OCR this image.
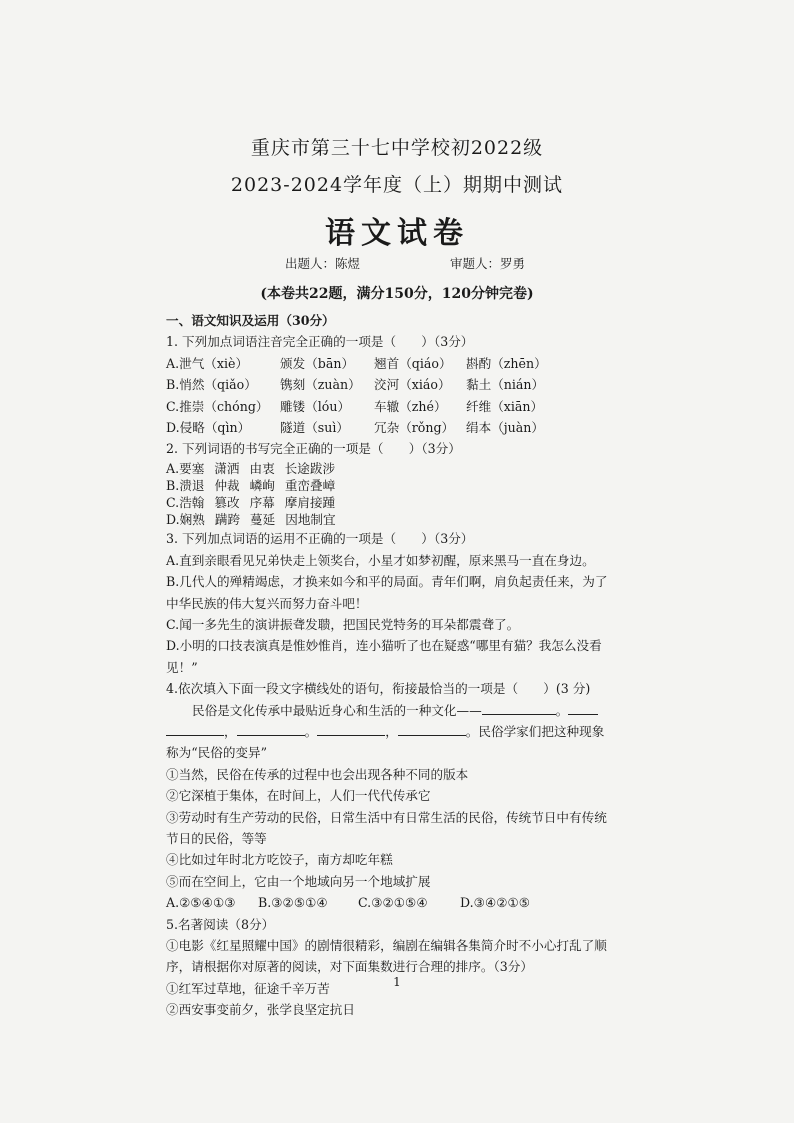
重庆市第三十七中学校初2022级
2023-2024学年度（上）期期中测试
语文试卷
出题人：陈煜	审题人：罗勇
(本卷共22题，满分150分，120分钟完卷)
一、语文知识及运用（30分）
1. 下列加点词语注音完全正确的一项是（　　）（3分）
A.泄气（xiè）	颁发（bān）	翘首（qiáo）	斟酌（zhēn）
B.悄然（qiǎo）	镌刻（zuàn）	洨河（xiáo）	黏土（nián）
C.推崇（chóng） 雕镂（lóu）	车辙（zhé）	纤维（xiān）
D.侵略（qìn）	隧道（suì）	冗杂（rǒng） 绢本（juàn）
2. 下列词语的书写完全正确的一项是（　　）（3分）
A.要塞 潇洒 由衷 长途跋涉
B.溃退 仲裁 嶙峋 重峦叠嶂
C.浩翰 篡改 序幕 摩肩接踵
D.娴熟 蹒跨 蔓延 因地制宜
3. 下列加点词语的运用不正确的一项是（　　）（3分）
A.直到亲眼看见兄弟快走上领奖台，小星才如梦初醒，原来黑马一直在身边。
B.几代人的殚精竭虑，才换来如今和平的局面。青年们啊，肩负起责任来，为了
中华民族的伟大复兴而努力奋斗吧！
C.闻一多先生的演讲振聋发聩，把国民党特务的耳朵都震聋了。
D.小明的口技表演真是惟妙惟肖，连小猫听了也在疑惑“哪里有猫？我怎么没看
见！”
4.依次填入下面一段文字横线处的语句，衔接最恰当的一项是（　　）(3 分)
民俗是文化传承中最贴近身心和生活的一种文化——	。
，	。	，	。民俗学家们把这种现象
称为“民俗的变异”
①当然，民俗在传承的过程中也会出现各种不同的版本
②它深植于集体，在时间上，人们一代代传承它
③劳动时有生产劳动的民俗，日常生活中有日常生活的民俗，传统节日中有传统
节日的民俗，等等
④比如过年时北方吃饺子，南方却吃年糕
⑤而在空间上，它由一个地域向另一个地域扩展
A.②⑤④①③	B.③②⑤①④	C.③②①⑤④	D.③④②①⑤
5.名著阅读（8分）
①电影《红星照耀中国》的剧情很精彩，编剧在编辑各集简介时不小心打乱了顺
序，请根据你对原著的阅读，对下面集数进行合理的排序。（3分）
①红军过草地，征途千辛万苦
②西安事变前夕，张学良坚定抗日
1
